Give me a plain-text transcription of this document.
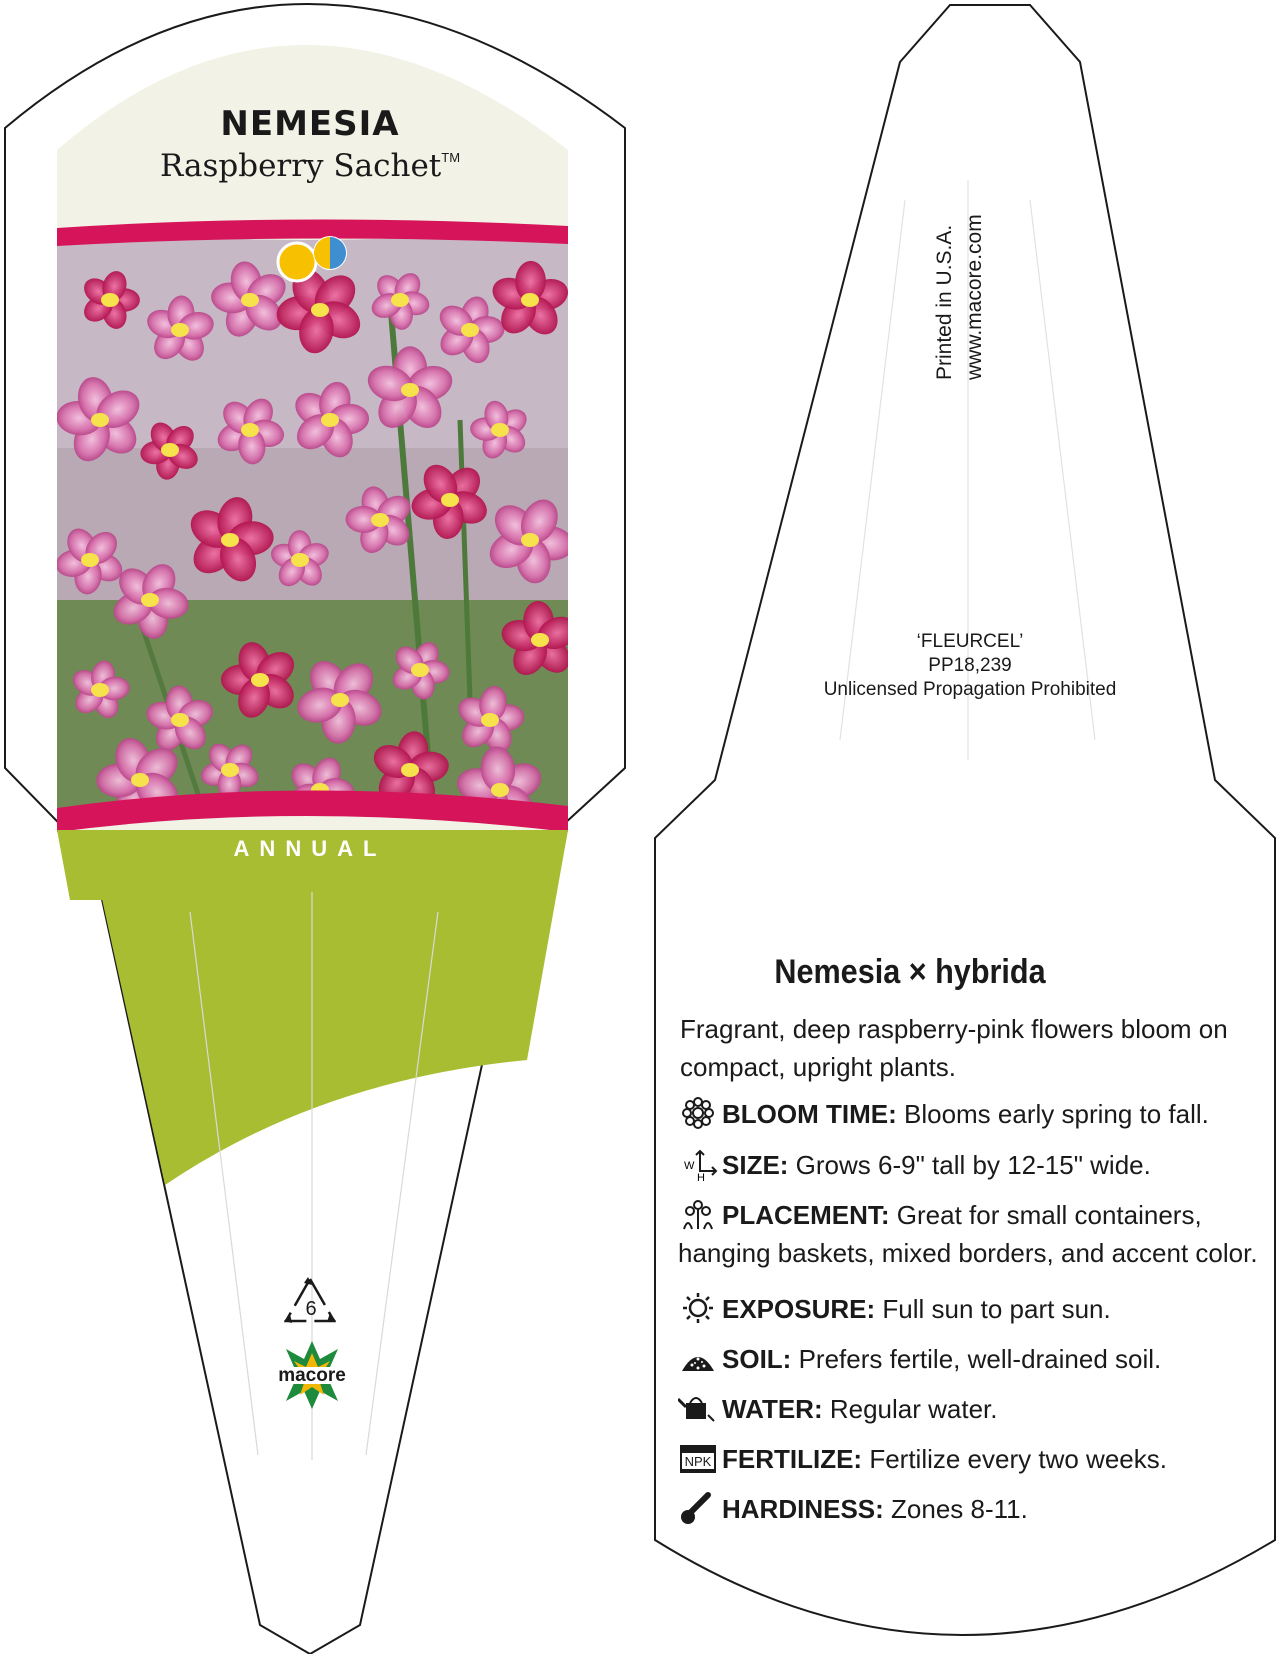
NEMESIA
Raspberry Sachet™
ANNUAL
6
macore
Printed in U.S.A. www.macore.com
‘FLEURCEL’
PP18,239
Unlicensed Propagation Prohibited
Nemesia × hybrida
Fragrant, deep raspberry-pink flowers bloom on compact, upright plants.
BLOOM TIME: Blooms early spring to fall.
W
H SIZE: Grows 6-9" tall by 12-15" wide.
PLACEMENT: Great for small containers, hanging baskets, mixed borders, and accent color.
EXPOSURE: Full sun to part sun.
SOIL: Prefers fertile, well-drained soil.
WATER: Regular water.
NPK FERTILIZE: Fertilize every two weeks.
HARDINESS: Zones 8-11.
